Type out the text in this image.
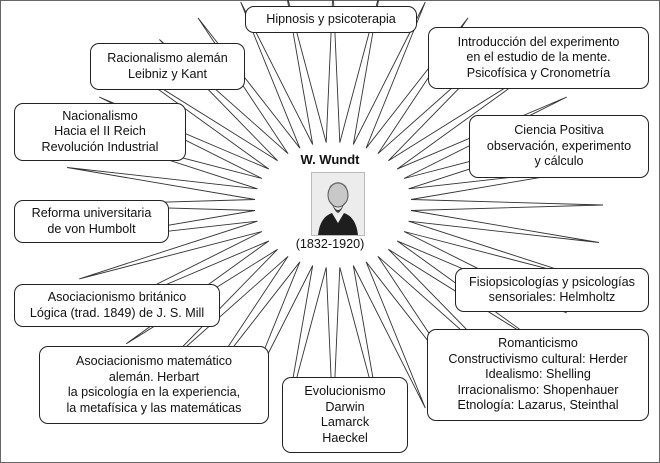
W. Wundt
(1832-1920)
Hipnosis y psicoterapia
Racionalismo alemán
Leibniz y Kant
Introducción del experimento
en el estudio de la mente.
Psicofísica y Cronometría
Nacionalismo
Hacia el II Reich
Revolución Industrial
Ciencia Positiva
observación, experimento
y cálculo
Reforma universitaria
de von Humbolt
Fisiopsicologías y psicologías
sensoriales: Helmholtz
Asociacionismo británico
Lógica (trad. 1849) de J. S. Mill
Romanticismo
Constructivismo cultural: Herder
Idealismo: Shelling
Irracionalismo: Shopenhauer
Etnología: Lazarus, Steinthal
Asociacionismo matemático
alemán. Herbart
la psicología en la experiencia,
la metafísica y las matemáticas
Evolucionismo
Darwin
Lamarck
Haeckel
